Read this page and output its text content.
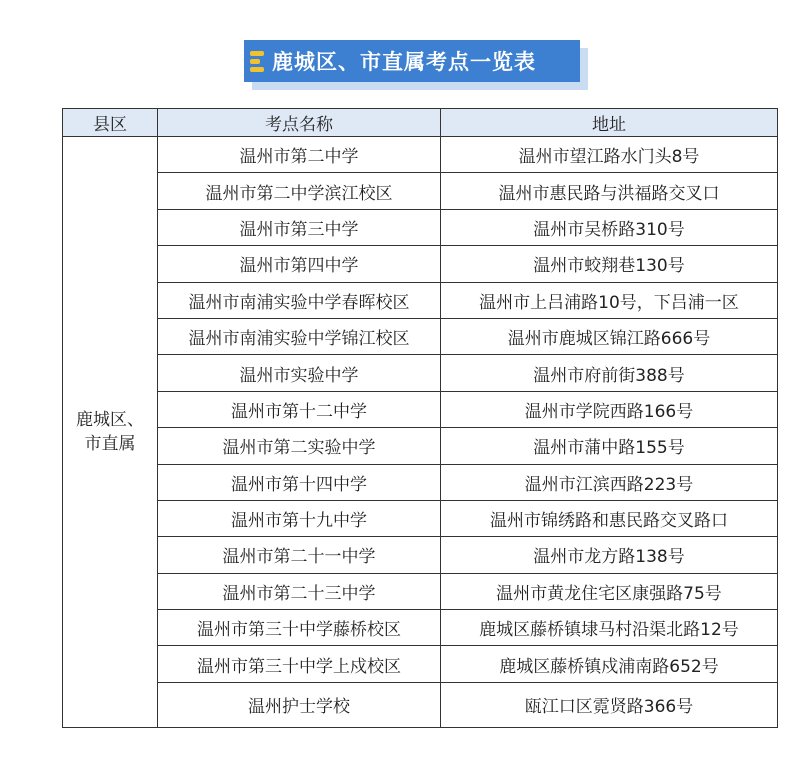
鹿城区、市直属考点一览表
县区	考点名称	地址

鹿城区、
市直属	温州市第二中学	温州市望江路水门头8号
	温州市第二中学滨江校区	温州市惠民路与洪福路交叉口
	温州市第三中学	温州市吴桥路310号
	温州市第四中学	温州市蛟翔巷130号
	温州市南浦实验中学春晖校区	温州市上吕浦路10号，下吕浦一区
	温州市南浦实验中学锦江校区	温州市鹿城区锦江路666号
	温州市实验中学	温州市府前街388号
	温州市第十二中学	温州市学院西路166号
	温州市第二实验中学	温州市蒲中路155号
	温州市第十四中学	温州市江滨西路223号
	温州市第十九中学	温州市锦绣路和惠民路交叉路口
	温州市第二十一中学	温州市龙方路138号
	温州市第二十三中学	温州市黄龙住宅区康强路75号
	温州市第三十中学藤桥校区	鹿城区藤桥镇埭马村沿渠北路12号
	温州市第三十中学上戍校区	鹿城区藤桥镇戍浦南路652号
	温州护士学校	瓯江口区霓贤路366号
